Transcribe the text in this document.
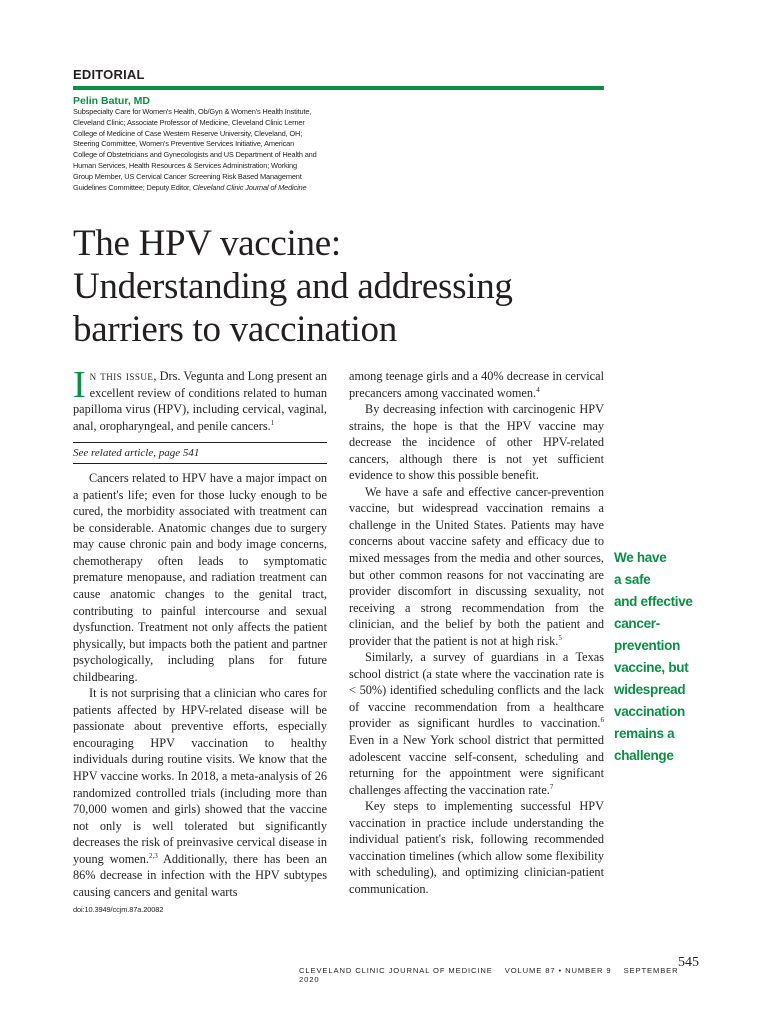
EDITORIAL
Pelin Batur, MD
Subspecialty Care for Women's Health, Ob/Gyn & Women's Health Institute, Cleveland Clinic; Associate Professor of Medicine, Cleveland Clinic Lerner College of Medicine of Case Western Reserve University, Cleveland, OH; Steering Committee, Women's Preventive Services Initiative, American College of Obstetricians and Gynecologists and US Department of Health and Human Services, Health Resources & Services Administration; Working Group Member, US Cervical Cancer Screening Risk Based Management Guidelines Committee; Deputy Editor, Cleveland Clinic Journal of Medicine
The HPV vaccine:
Understanding and addressing
barriers to vaccination

In this issue, Drs. Vegunta and Long present an excellent review of conditions related to human papilloma virus (HPV), including cervical, vaginal, anal, oropharyngeal, and penile cancers.$^1$

See related article, page 541

Cancers related to HPV have a major impact on a patient's life; even for those lucky enough to be cured, the morbidity associated with treatment can be considerable. Anatomic changes due to surgery may cause chronic pain and body image concerns, chemotherapy often leads to symptomatic premature menopause, and radiation treatment can cause anatomic changes to the genital tract, contributing to painful intercourse and sexual dysfunction. Treatment not only affects the patient physically, but impacts both the patient and partner psychologically, including plans for future childbearing.

It is not surprising that a clinician who cares for patients affected by HPV-related disease will be passionate about preventive efforts, especially encouraging HPV vaccination to healthy individuals during routine visits. We know that the HPV vaccine works. In 2018, a meta-analysis of 26 randomized controlled trials (including more than 70,000 women and girls) showed that the vaccine not only is well tolerated but significantly decreases the risk of preinvasive cervical disease in young women.$^{2,3}$ Additionally, there has been an 86% decrease in infection with the HPV subtypes causing cancers and genital warts

doi:10.3949/ccjm.87a.20082

among teenage girls and a 40% decrease in cervical precancers among vaccinated women.$^4$

By decreasing infection with carcinogenic HPV strains, the hope is that the HPV vaccine may decrease the incidence of other HPV-related cancers, although there is not yet sufficient evidence to show this possible benefit.

We have a safe and effective cancer-prevention vaccine, but widespread vaccination remains a challenge in the United States. Patients may have concerns about vaccine safety and efficacy due to mixed messages from the media and other sources, but other common reasons for not vaccinating are provider discomfort in discussing sexuality, not receiving a strong recommendation from the clinician, and the belief by both the patient and provider that the patient is not at high risk.$^5$

Similarly, a survey of guardians in a Texas school district (a state where the vaccination rate is < 50%) identified scheduling conflicts and the lack of vaccine recommendation from a healthcare provider as significant hurdles to vaccination.$^6$ Even in a New York school district that permitted adolescent vaccine self-consent, scheduling and returning for the appointment were significant challenges affecting the vaccination rate.$^7$

Key steps to implementing successful HPV vaccination in practice include understanding the individual patient's risk, following recommended vaccination timelines (which allow some flexibility with scheduling), and optimizing clinician-patient communication.

We have
a safe
and effective
cancer-
prevention
vaccine, but
widespread
vaccination
remains a
challenge
CLEVELAND CLINIC JOURNAL OF MEDICINE VOLUME 87 • NUMBER 9 SEPTEMBER 2020
545
